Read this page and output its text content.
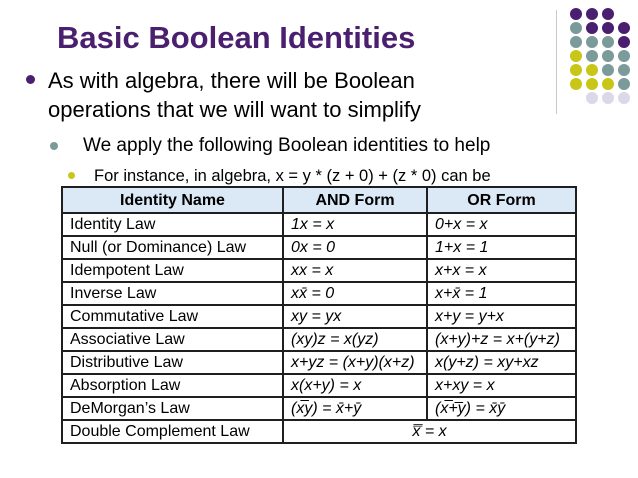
Basic Boolean Identities
As with algebra, there will be Boolean
operations that we will want to simplify
We apply the following Boolean identities to help
For instance, in algebra, x = y * (z + 0) + (z * 0) can be
Identity Name	AND Form	OR Form
Identity Law	1x = x	0+x = x
Null (or Dominance) Law	0x = 0	1+x = 1
Idempotent Law	xx = x	x+x = x
Inverse Law	xx̄ = 0	x+x̄ = 1
Commutative Law	xy = yx	x+y = y+x
Associative Law	(xy)z = x(yz)	(x+y)+z = x+(y+z)
Distributive Law	x+yz = (x+y)(x+z)	x(y+z) = xy+xz
Absorption Law	x(x+y) = x	x+xy = x
DeMorgan’s Law	(x͞y) = x̄+ȳ	(x͞+͞y) = x̄ȳ
Double Complement Law	x̿ = x	
